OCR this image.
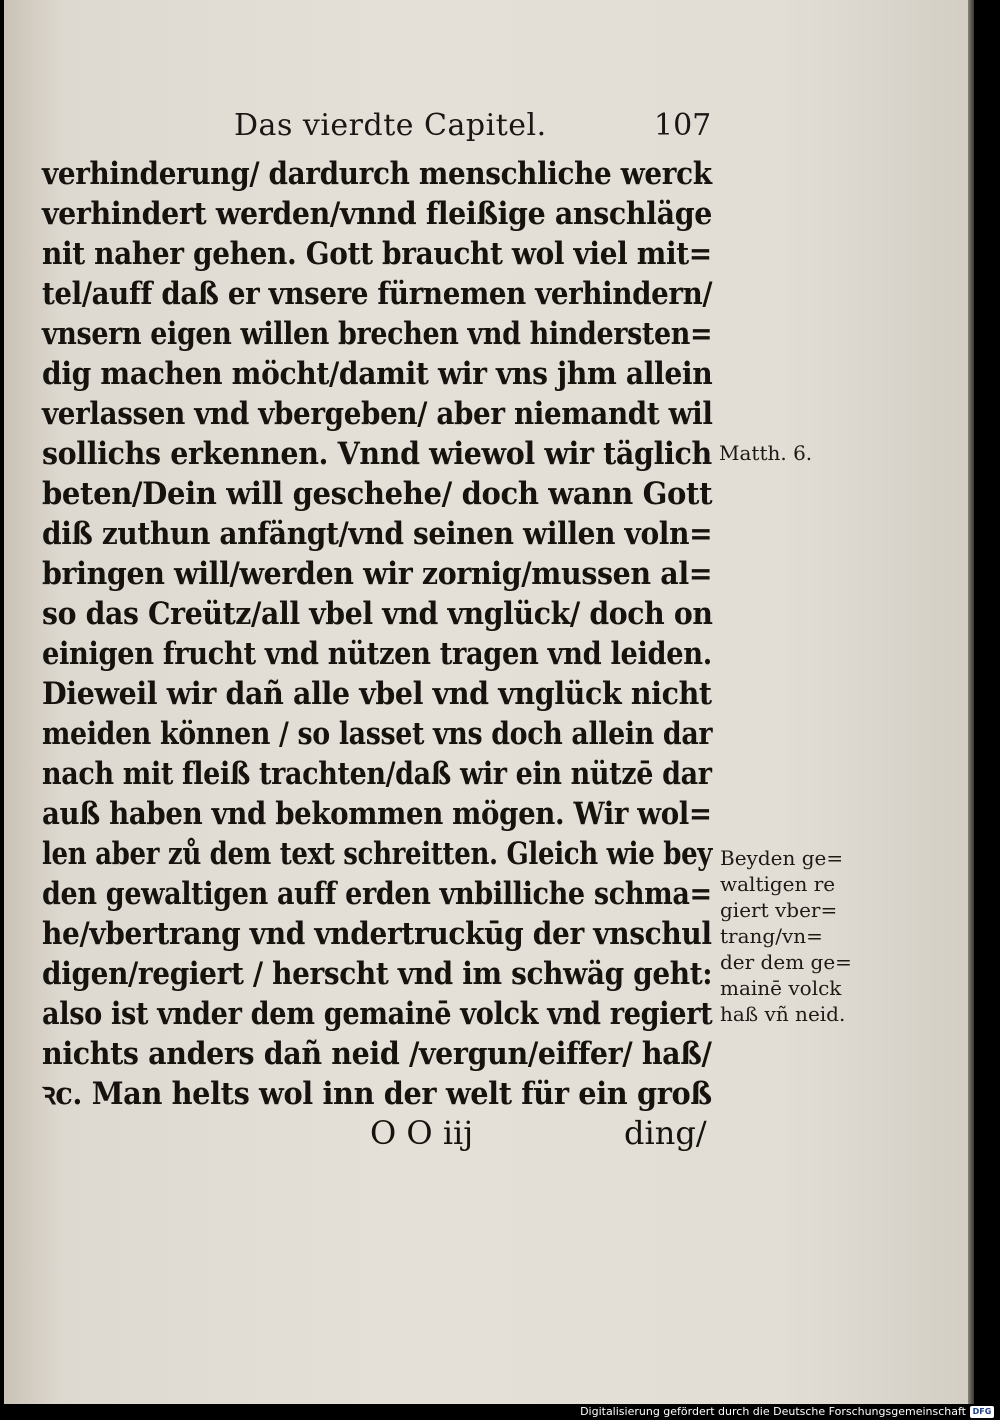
Das vierdte Capitel.	107
verhinderung/ dardurch menschliche werck
verhindert werden/vnnd fleißige anschläge
nit naher gehen. Gott braucht wol viel mit=
tel/auff daß er vnsere fürnemen verhindern/
vnsern eigen willen brechen vnd hindersten=
dig machen möcht/damit wir vns jhm allein
verlassen vnd vbergeben/ aber niemandt wil
sollichs erkennen. Vnnd wiewol wir täglich
beten/Dein will geschehe/ doch wann Gott
diß zuthun anfängt/vnd seinen willen voln=
bringen will/werden wir zornig/mussen al=
so das Creütz/all vbel vnd vnglück/ doch on
einigen frucht vnd nützen tragen vnd leiden.
Dieweil wir dañ alle vbel vnd vnglück nicht
meiden können / so lasset vns doch allein dar
nach mit fleiß trachten/daß wir ein nützē dar
auß haben vnd bekommen mögen. Wir wol=
len aber zů dem text schreitten. Gleich wie bey
den gewaltigen auff erden vnbilliche schma=
he/vbertrang vnd vndertruckūg der vnschul
digen/regiert / herscht vnd im schwäg geht:
also ist vnder dem gemainē volck vnd regiert
nichts anders dañ neid /vergun/eiffer/ haß/
ꝛc. Man helts wol inn der welt für ein groß
Matth. 6.
Beyden ge=
waltigen re
giert vber=
trang/vn=
der dem ge=
mainē volck
haß vñ neid.
O O iij	ding/
Digitalisierung gefördert durch die Deutsche Forschungsgemeinschaft DFG
